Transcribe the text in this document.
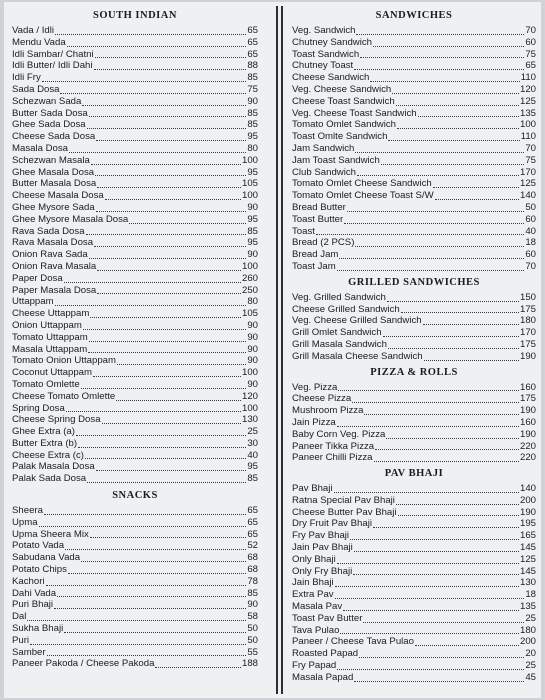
SOUTH INDIAN
Vada / Idli	65
Mendu Vada	65
Idli Sambar/ Chatni	65
Idli Butter/ Idli Dahi	88
Idli Fry	85
Sada Dosa	75
Schezwan Sada	90
Butter Sada Dosa	85
Ghee Sada Dosa	85
Cheese Sada Dosa	95
Masala Dosa	80
Schezwan Masala	100
Ghee Masala Dosa	95
Butter Masala Dosa	105
Cheese Masala Dosa	100
Ghee Mysore Sada	90
Ghee Mysore Masala Dosa	95
Rava Sada Dosa	85
Rava Masala Dosa	95
Onion Rava Sada	90
Onion Rava Masala	100
Paper Dosa	260
Paper Masala Dosa	250
Uttappam	80
Cheese Uttappam	105
Onion Uttappam	90
Tomato Uttappam	90
Masala Uttappam	90
Tomato Onion Uttappam	90
Coconut Uttappam	100
Tomato Omlette	90
Cheese Tomato Omlette	120
Spring Dosa	100
Cheese Spring Dosa	130
Ghee Extra (a)	25
Butter Extra (b)	30
Cheese Extra (c)	40
Palak Masala Dosa	95
Palak Sada Dosa	85
SNACKS
Sheera	65
Upma	65
Upma Sheera Mix	65
Potato Vada	52
Sabudana Vada	68
Potato Chips	68
Kachori	78
Dahi Vada	85
Puri Bhaji	90
Dal	58
Sukha Bhaji	50
Puri	50
Samber	55
Paneer Pakoda / Cheese Pakoda	188
SANDWICHES
Veg. Sandwich	70
Chutney Sandwich	60
Toast Sandwich	75
Chutney Toast	65
Cheese Sandwich	110
Veg. Cheese Sandwich	120
Cheese Toast Sandwich	125
Veg. Cheese Toast Sandwich	135
Tomato Omlet Sandwich	100
Toast Omlte Sandwich	110
Jam Sandwich	70
Jam Toast Sandwich	75
Club Sandwich	170
Tomato Omlet Cheese Sandwich	125
Tomato Omlet Cheese Toast S/W	140
Bread Butter	50
Toast Butter	60
Toast	40
Bread (2 PCS)	18
Bread Jam	60
Toast Jam	70
GRILLED SANDWICHES
Veg. Grilled Sandwich	150
Cheese Grilled Sandwich	175
Veg. Cheese Grilled Sandwich	180
Grill Omlet Sandwich	170
Grill Masala Sandwich	175
Grill Masala Cheese Sandwich	190
PIZZA & ROLLS
Veg. Pizza	160
Cheese Pizza	175
Mushroom Pizza	190
Jain Pizza	160
Baby Corn Veg. Pizza	190
Paneer Tikka Pizza	220
Paneer Chilli Pizza	220
PAV BHAJI
Pav Bhaji	140
Ratna Special Pav Bhaji	200
Cheese Butter Pav Bhaji	190
Dry Fruit Pav Bhaji	195
Fry Pav Bhaji	165
Jain Pav Bhaji	145
Only Bhaji	125
Only Fry Bhaji	145
Jain Bhaji	130
Extra Pav	18
Masala Pav	135
Toast Pav Butter	25
Tava Pulao	180
Paneer / Cheese Tava Pulao	200
Roasted Papad	20
Fry Papad	25
Masala Papad	45
